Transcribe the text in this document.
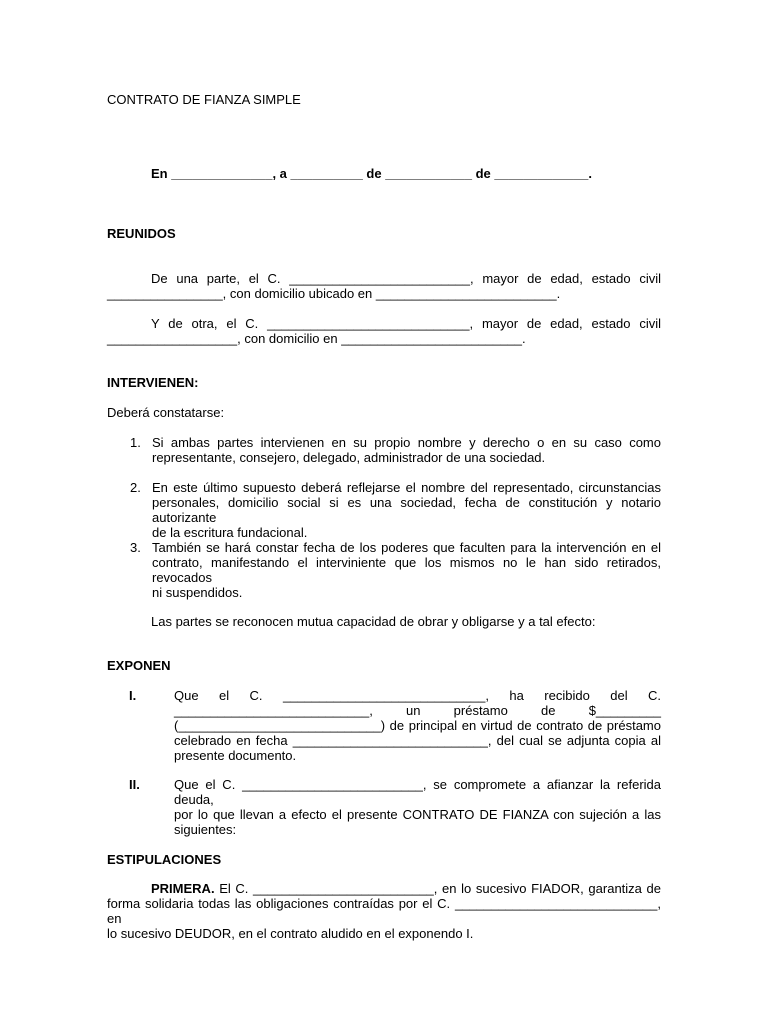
CONTRATO DE FIANZA SIMPLE
En ______________, a __________ de ____________ de _____________.
REUNIDOS
De una parte, el C. _________________________, mayor de edad, estado civil
________________, con domicilio ubicado en _________________________.
Y de otra, el C. ____________________________, mayor de edad, estado civil
__________________, con domicilio en _________________________.
INTERVIENEN:
Deberá constatarse:
1. Si ambas partes intervienen en su propio nombre y derecho o en su caso como
representante, consejero, delegado, administrador de una sociedad.
2. En este último supuesto deberá reflejarse el nombre del representado, circunstancias
personales, domicilio social si es una sociedad, fecha de constitución y notario autorizante
de la escritura fundacional.
3. También se hará constar fecha de los poderes que faculten para la intervención en el
contrato, manifestando el interviniente que los mismos no le han sido retirados, revocados
ni suspendidos.
Las partes se reconocen mutua capacidad de obrar y obligarse y a tal efecto:
EXPONEN
I.	Que el C. ____________________________, ha recibido del C.
___________________________, un préstamo de $_________
(____________________________) de principal en virtud de contrato de préstamo
celebrado en fecha ___________________________, del cual se adjunta copia al
presente documento.
II.	Que el C. _________________________, se compromete a afianzar la referida deuda,
por lo que llevan a efecto el presente CONTRATO DE FIANZA con sujeción a las
siguientes:
ESTIPULACIONES
PRIMERA. El C. _________________________, en lo sucesivo FIADOR, garantiza de
forma solidaria todas las obligaciones contraídas por el C. ____________________________, en
lo sucesivo DEUDOR, en el contrato aludido en el exponendo I.
